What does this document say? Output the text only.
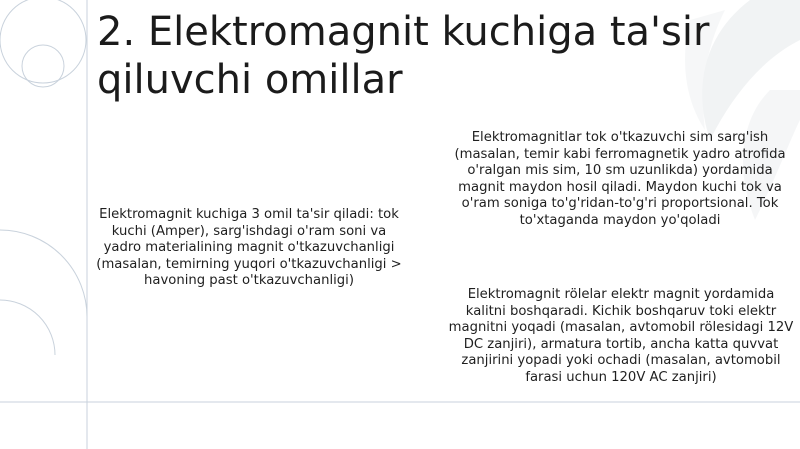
2. Elektromagnit kuchiga ta'sir qiluvchi omillar

Elektromagnit kuchiga 3 omil ta'sir qiladi: tok kuchi (Amper), sarg'ishdagi o'ram soni va yadro materialining magnit o'tkazuvchanligi (masalan, temirning yuqori o'tkazuvchanligi > havoning past o'tkazuvchanligi)

Elektromagnitlar tok o'tkazuvchi sim sarg'ish (masalan, temir kabi ferromagnetik yadro atrofida o'ralgan mis sim, 10 sm uzunlikda) yordamida magnit maydon hosil qiladi. Maydon kuchi tok va o'ram soniga to'g'ridan-to'g'ri proportsional. Tok to'xtaganda maydon yo'qoladi

Elektromagnit rölelar elektr magnit yordamida kalitni boshqaradi. Kichik boshqaruv toki elektr magnitni yoqadi (masalan, avtomobil rölesidagi 12V DC zanjiri), armatura tortib, ancha katta quvvat zanjirini yopadi yoki ochadi (masalan, avtomobil farasi uchun 120V AC zanjiri)
